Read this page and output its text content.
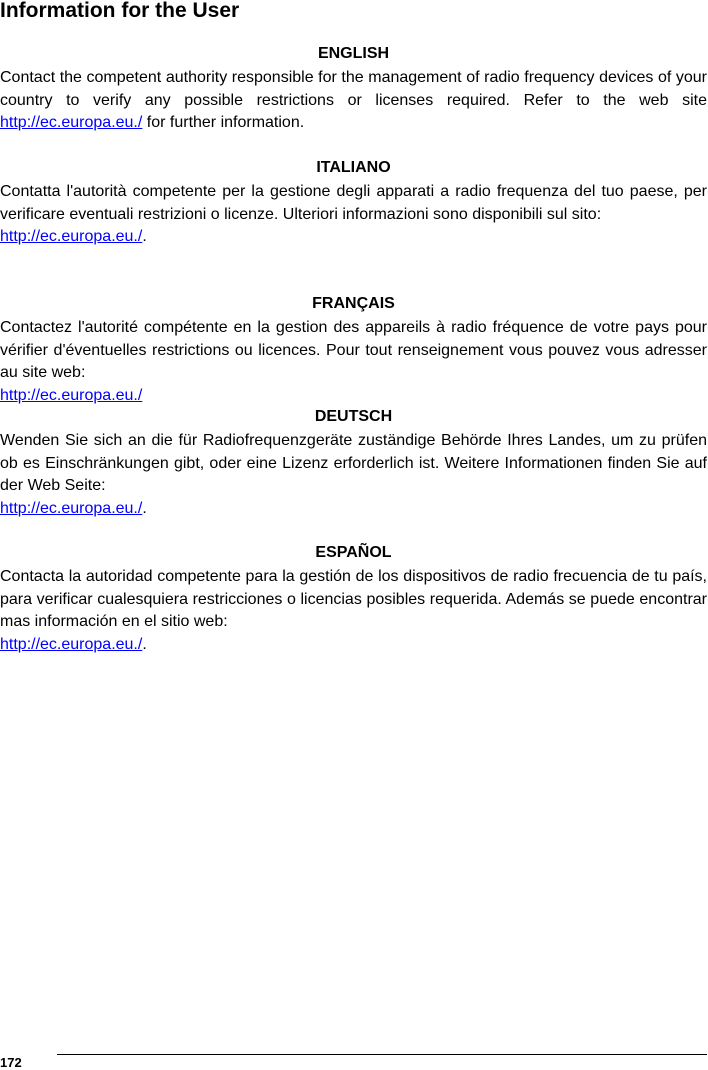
Information for the User
ENGLISH

Contact the competent authority responsible for the management of radio frequency devices of your country to verify any possible restrictions or licenses required. Refer to the web site http://ec.europa.eu./ for further information.

ITALIANO

Contatta l'autorità competente per la gestione degli apparati a radio frequenza del tuo paese, per verificare eventuali restrizioni o licenze. Ulteriori informazioni sono disponibili sul sito:

http://ec.europa.eu./.

FRANÇAIS

Contactez l'autorité compétente en la gestion des appareils à radio fréquence de votre pays pour vérifier d'éventuelles restrictions ou licences. Pour tout renseignement vous pouvez vous adresser au site web:

http://ec.europa.eu./

DEUTSCH

Wenden Sie sich an die für Radiofrequenzgeräte zuständige Behörde Ihres Landes, um zu prüfen ob es Einschränkungen gibt, oder eine Lizenz erforderlich ist. Weitere Informationen finden Sie auf der Web Seite:

http://ec.europa.eu./.

ESPAÑOL

Contacta la autoridad competente para la gestión de los dispositivos de radio frecuencia de tu país, para verificar cualesquiera restricciones o licencias posibles requerida. Además se puede encontrar mas información en el sitio web:

http://ec.europa.eu./.

172
